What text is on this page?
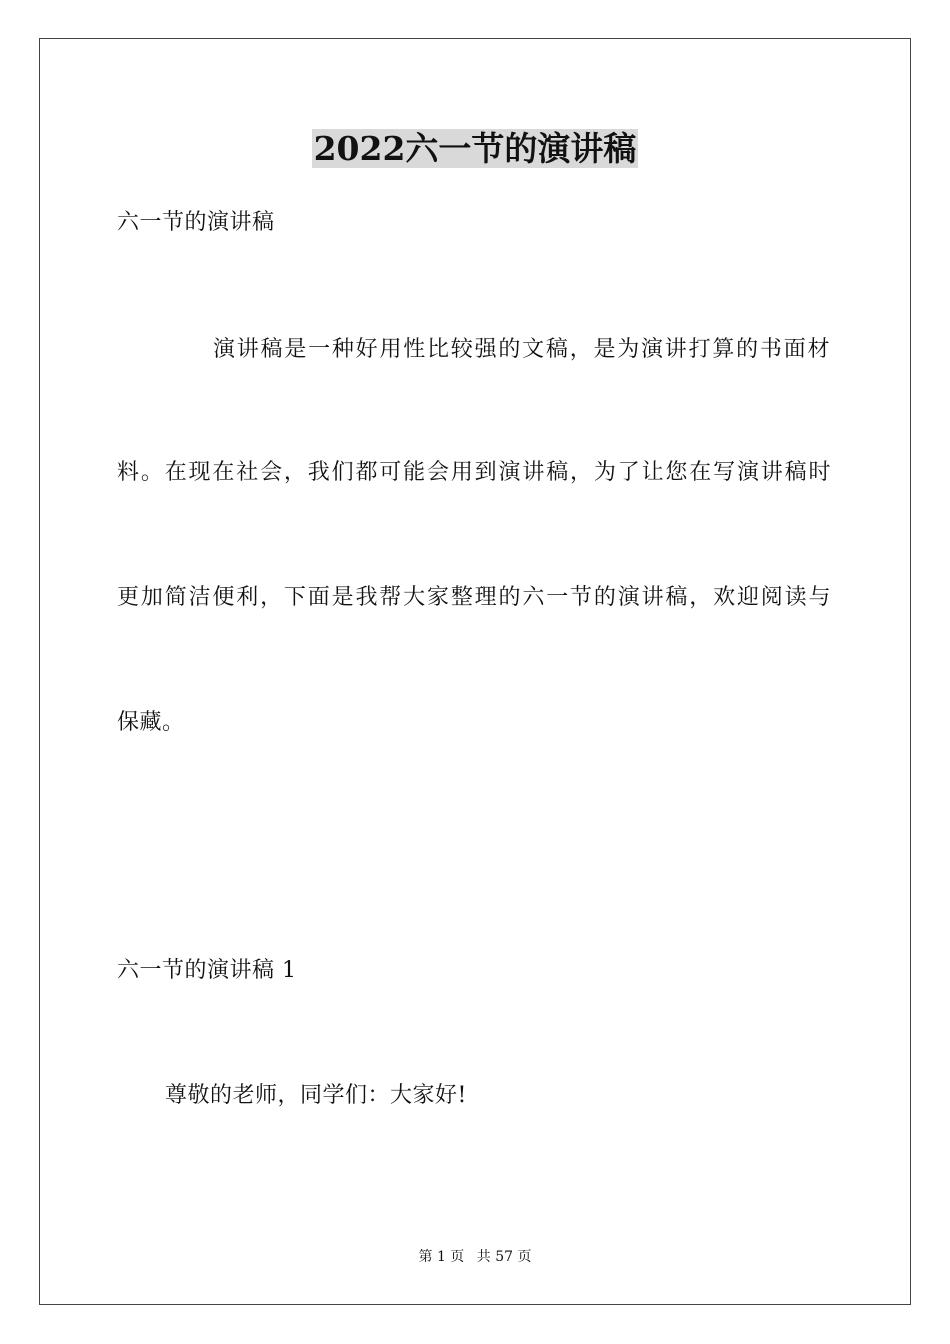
2022六一节的演讲稿
六一节的演讲稿
演讲稿是一种好用性比较强的文稿，是为演讲打算的书面材
料。在现在社会，我们都可能会用到演讲稿，为了让您在写演讲稿时
更加简洁便利，下面是我帮大家整理的六一节的演讲稿，欢迎阅读与
保藏。
六一节的演讲稿 1
尊敬的老师，同学们：大家好!
第 1 页 共 57 页
